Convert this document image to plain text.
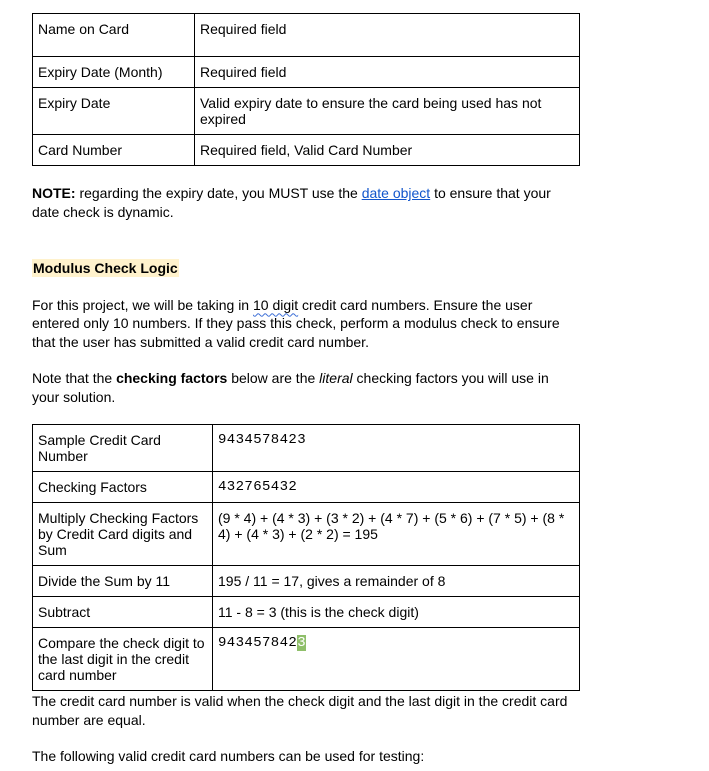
Name on Card	Required field
Expiry Date (Month)	Required field
Expiry Date	Valid expiry date to ensure the card being used has not expired
Card Number	Required field, Valid Card Number

NOTE: regarding the expiry date, you MUST use the date object to ensure that your date check is dynamic.

Modulus Check Logic

For this project, we will be taking in 10 digit credit card numbers. Ensure the user entered only 10 numbers. If they pass this check, perform a modulus check to ensure that the user has submitted a valid credit card number.

Note that the checking factors below are the literal checking factors you will use in your solution.

Sample Credit Card Number	9434578423
Checking Factors	432765432
Multiply Checking Factors by Credit Card digits and Sum	(9 * 4) + (4 * 3) + (3 * 2) + (4 * 7) + (5 * 6) + (7 * 5) + (8 * 4) + (4 * 3) + (2 * 2) = 195
Divide the Sum by 11	195 / 11 = 17, gives a remainder of 8
Subtract	11 - 8 = 3 (this is the check digit)
Compare the check digit to the last digit in the credit card number	9434578423

The credit card number is valid when the check digit and the last digit in the credit card number are equal.

The following valid credit card numbers can be used for testing:
